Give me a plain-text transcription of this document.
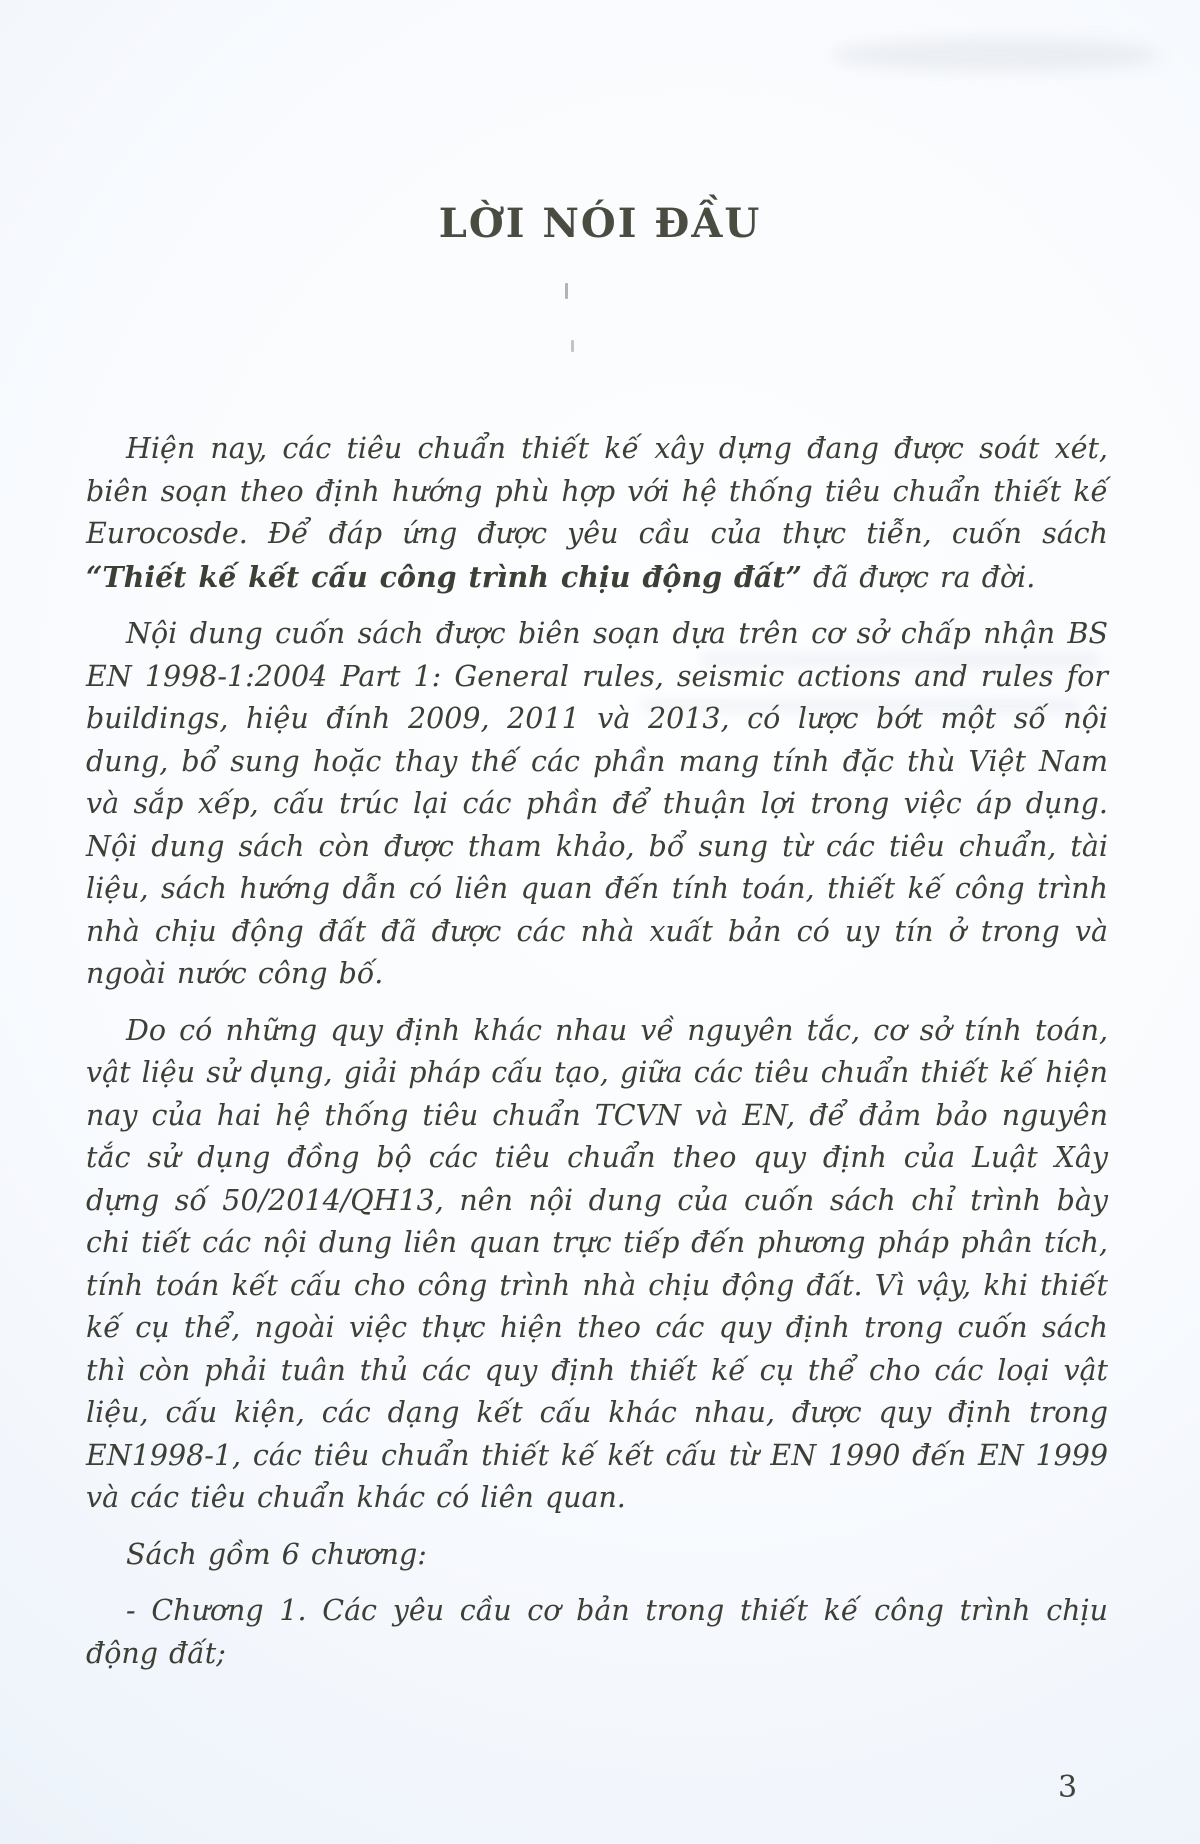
LỜI NÓI ĐẦU

Hiện nay, các tiêu chuẩn thiết kế xây dựng đang được soát xét, biên soạn theo định hướng phù hợp với hệ thống tiêu chuẩn thiết kế Eurocosde. Để đáp ứng được yêu cầu của thực tiễn, cuốn sách “Thiết kế kết cấu công trình chịu động đất” đã được ra đời.

Nội dung cuốn sách được biên soạn dựa trên cơ sở chấp nhận BS EN 1998-1:2004 Part 1: General rules, seismic actions and rules for buildings, hiệu đính 2009, 2011 và 2013, có lược bớt một số nội dung, bổ sung hoặc thay thế các phần mang tính đặc thù Việt Nam và sắp xếp, cấu trúc lại các phần để thuận lợi trong việc áp dụng. Nội dung sách còn được tham khảo, bổ sung từ các tiêu chuẩn, tài liệu, sách hướng dẫn có liên quan đến tính toán, thiết kế công trình nhà chịu động đất đã được các nhà xuất bản có uy tín ở trong và ngoài nước công bố.

Do có những quy định khác nhau về nguyên tắc, cơ sở tính toán, vật liệu sử dụng, giải pháp cấu tạo, giữa các tiêu chuẩn thiết kế hiện nay của hai hệ thống tiêu chuẩn TCVN và EN, để đảm bảo nguyên tắc sử dụng đồng bộ các tiêu chuẩn theo quy định của Luật Xây dựng số 50/2014/QH13, nên nội dung của cuốn sách chỉ trình bày chi tiết các nội dung liên quan trực tiếp đến phương pháp phân tích, tính toán kết cấu cho công trình nhà chịu động đất. Vì vậy, khi thiết kế cụ thể, ngoài việc thực hiện theo các quy định trong cuốn sách thì còn phải tuân thủ các quy định thiết kế cụ thể cho các loại vật liệu, cấu kiện, các dạng kết cấu khác nhau, được quy định trong EN1998-1, các tiêu chuẩn thiết kế kết cấu từ EN 1990 đến EN 1999 và các tiêu chuẩn khác có liên quan.

Sách gồm 6 chương:

- Chương 1. Các yêu cầu cơ bản trong thiết kế công trình chịu động đất;

3
